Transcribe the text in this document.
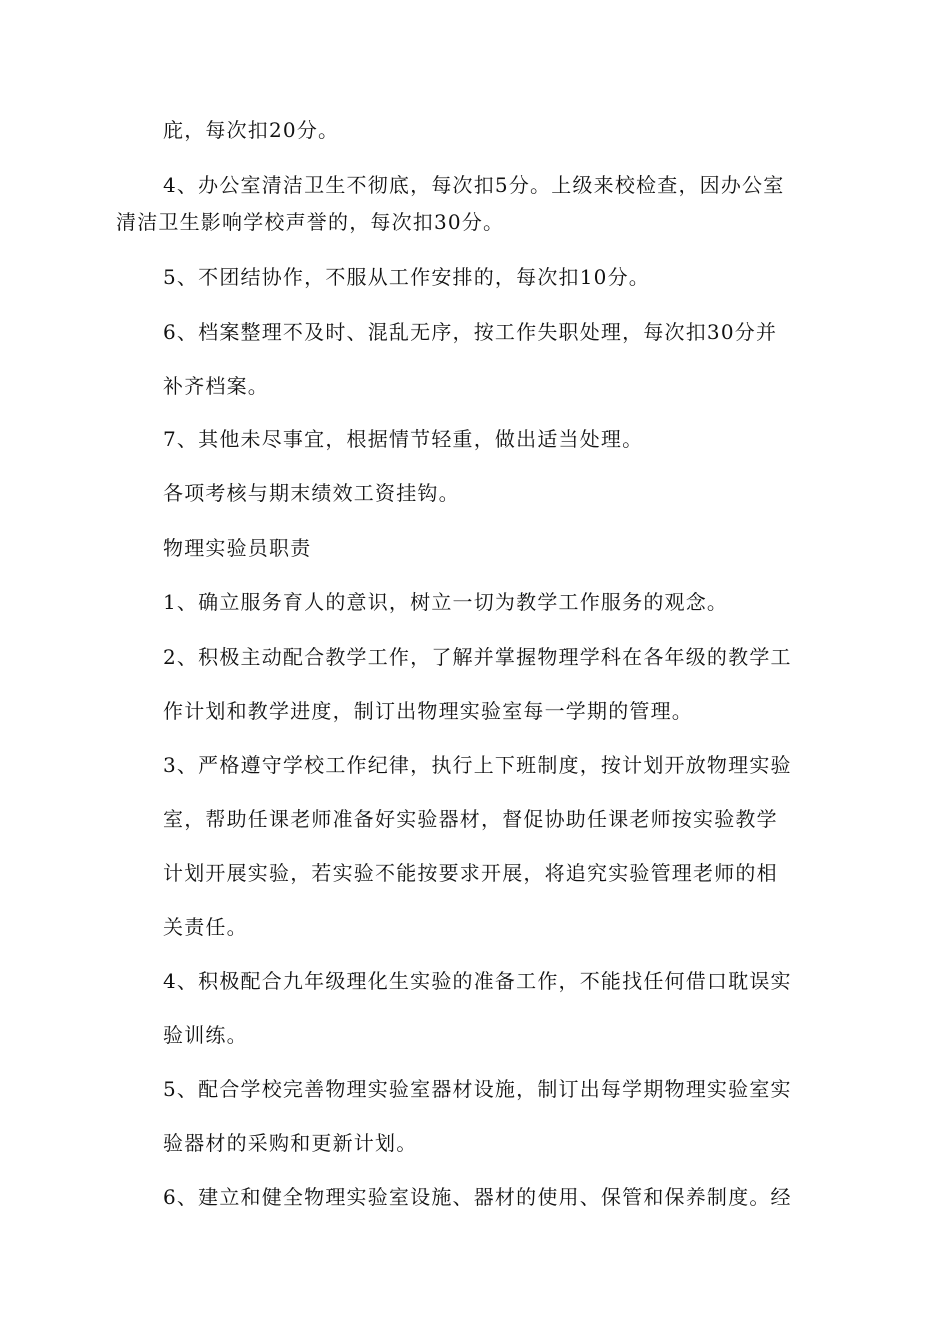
庇，每次扣20分。
4、办公室清洁卫生不彻底，每次扣5分。上级来校检查，因办公室
清洁卫生影响学校声誉的，每次扣30分。
5、不团结协作，不服从工作安排的，每次扣10分。
6、档案整理不及时、混乱无序，按工作失职处理，每次扣30分并
补齐档案。
7、其他未尽事宜，根据情节轻重，做出适当处理。
各项考核与期末绩效工资挂钩。
物理实验员职责
1、确立服务育人的意识，树立一切为教学工作服务的观念。
2、积极主动配合教学工作，了解并掌握物理学科在各年级的教学工
作计划和教学进度，制订出物理实验室每一学期的管理。
3、严格遵守学校工作纪律，执行上下班制度，按计划开放物理实验
室，帮助任课老师准备好实验器材，督促协助任课老师按实验教学
计划开展实验，若实验不能按要求开展，将追究实验管理老师的相
关责任。
4、积极配合九年级理化生实验的准备工作，不能找任何借口耽误实
验训练。
5、配合学校完善物理实验室器材设施，制订出每学期物理实验室实
验器材的采购和更新计划。
6、建立和健全物理实验室设施、器材的使用、保管和保养制度。经
